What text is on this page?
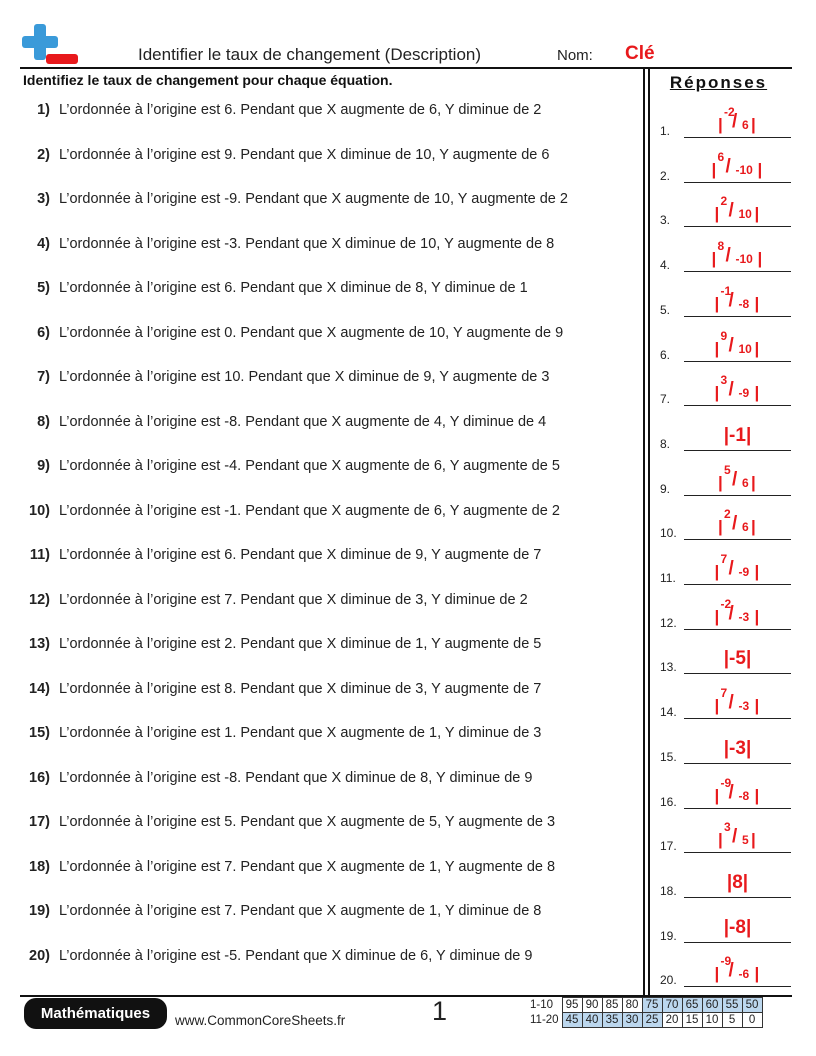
Identifier le taux de changement (Description)	Nom: Clé
Identifiez le taux de changement pour chaque équation.	Réponses
1) L’ordonnée à l’origine est 6. Pendant que X augmente de 6, Y diminue de 2
2) L’ordonnée à l’origine est 9. Pendant que X diminue de 10, Y augmente de 6
3) L’ordonnée à l’origine est -9. Pendant que X augmente de 10, Y augmente de 2
4) L’ordonnée à l’origine est -3. Pendant que X diminue de 10, Y augmente de 8
5) L’ordonnée à l’origine est 6. Pendant que X diminue de 8, Y diminue de 1
6) L’ordonnée à l’origine est 0. Pendant que X augmente de 10, Y augmente de 9
7) L’ordonnée à l’origine est 10. Pendant que X diminue de 9, Y augmente de 3
8) L’ordonnée à l’origine est -8. Pendant que X augmente de 4, Y diminue de 4
9) L’ordonnée à l’origine est -4. Pendant que X augmente de 6, Y augmente de 5
10) L’ordonnée à l’origine est -1. Pendant que X augmente de 6, Y augmente de 2
11) L’ordonnée à l’origine est 6. Pendant que X diminue de 9, Y augmente de 7
12) L’ordonnée à l’origine est 7. Pendant que X diminue de 3, Y diminue de 2
13) L’ordonnée à l’origine est 2. Pendant que X diminue de 1, Y augmente de 5
14) L’ordonnée à l’origine est 8. Pendant que X diminue de 3, Y augmente de 7
15) L’ordonnée à l’origine est 1. Pendant que X augmente de 1, Y diminue de 3
16) L’ordonnée à l’origine est -8. Pendant que X diminue de 8, Y diminue de 9
17) L’ordonnée à l’origine est 5. Pendant que X augmente de 5, Y augmente de 3
18) L’ordonnée à l’origine est 7. Pendant que X augmente de 1, Y augmente de 8
19) L’ordonnée à l’origine est 7. Pendant que X augmente de 1, Y diminue de 8
20) L’ordonnée à l’origine est -5. Pendant que X diminue de 6, Y diminue de 9
1.	|
-2
/ 6 |
2. |
6 / -10 |
3.	|
2 / 10 |
4. |
8 / -10 |
5.	|
-1
/ -8 |
6.	|
9 / 10 |
7.	|
3 / -9 |
8.	|-1|
9.	|
5 / 6 |
10. |
2 / 6 |
11. |
7 / -9 |
12. |
-2
/ -3 |
13.	|-5|
14. |
7 / -3 |
15.	|-3|
16. |
-9
/ -8 |
17. |
3 / 5 |
18.	|8|
19.	|-8|
20. |
-9
/ -6 |
Mathématiques	www.CommonCoreSheets.fr	1	1-10	95	90	85	80	75	70	65	60	55	50
11-20	45	40	35	30	25	20	15	10	5	0
